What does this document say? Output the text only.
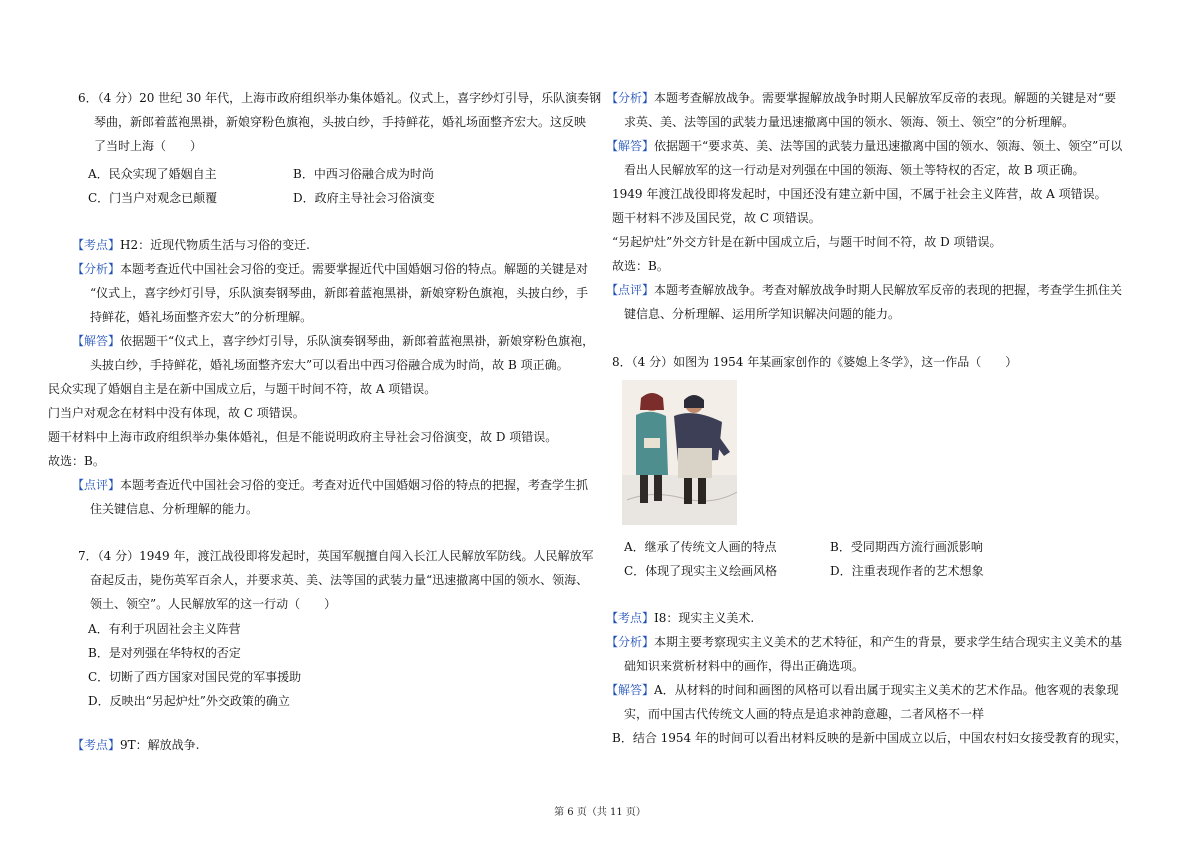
6．（4 分）20 世纪 30 年代，上海市政府组织举办集体婚礼。仪式上，喜字纱灯引导，乐队演奏钢
琴曲，新郎着蓝袍黑褂，新娘穿粉色旗袍，头披白纱，手持鲜花，婚礼场面整齐宏大。这反映
了当时上海（　　）
A．民众实现了婚姻自主	B．中西习俗融合成为时尚
C．门当户对观念已颠覆	D．政府主导社会习俗演变
【考点】H2：近现代物质生活与习俗的变迁.
【分析】本题考查近代中国社会习俗的变迁。需要掌握近代中国婚姻习俗的特点。解题的关键是对
“仪式上，喜字纱灯引导，乐队演奏钢琴曲，新郎着蓝袍黑褂，新娘穿粉色旗袍，头披白纱，手
持鲜花，婚礼场面整齐宏大”的分析理解。
【解答】依据题干“仪式上，喜字纱灯引导，乐队演奏钢琴曲，新郎着蓝袍黑褂，新娘穿粉色旗袍，
头披白纱，手持鲜花，婚礼场面整齐宏大”可以看出中西习俗融合成为时尚，故 B 项正确。
民众实现了婚姻自主是在新中国成立后，与题干时间不符，故 A 项错误。
门当户对观念在材料中没有体现，故 C 项错误。
题干材料中上海市政府组织举办集体婚礼，但是不能说明政府主导社会习俗演变，故 D 项错误。
故选：B。
【点评】本题考查近代中国社会习俗的变迁。考查对近代中国婚姻习俗的特点的把握，考查学生抓
住关键信息、分析理解的能力。
7．（4 分）1949 年，渡江战役即将发起时，英国军舰擅自闯入长江人民解放军防线。人民解放军
奋起反击，毙伤英军百余人，并要求英、美、法等国的武装力量“迅速撤离中国的领水、领海、
领土、领空”。人民解放军的这一行动（　　）
A．有利于巩固社会主义阵营
B．是对列强在华特权的否定
C．切断了西方国家对国民党的军事援助
D．反映出“另起炉灶”外交政策的确立
【考点】9T：解放战争.
【分析】本题考查解放战争。需要掌握解放战争时期人民解放军反帝的表现。解题的关键是对“要
求英、美、法等国的武装力量迅速撤离中国的领水、领海、领土、领空”的分析理解。
【解答】依据题干“要求英、美、法等国的武装力量迅速撤离中国的领水、领海、领土、领空”可以
看出人民解放军的这一行动是对列强在中国的领海、领土等特权的否定，故 B 项正确。
1949 年渡江战役即将发起时，中国还没有建立新中国，不属于社会主义阵营，故 A 项错误。
题干材料不涉及国民党，故 C 项错误。
“另起炉灶”外交方针是在新中国成立后，与题干时间不符，故 D 项错误。
故选：B。
【点评】本题考查解放战争。考查对解放战争时期人民解放军反帝的表现的把握，考查学生抓住关
键信息、分析理解、运用所学知识解决问题的能力。
8．（4 分）如图为 1954 年某画家创作的《婆媳上冬学》，这一作品（　　）
A．继承了传统文人画的特点	B．受同期西方流行画派影响
C．体现了现实主义绘画风格	D．注重表现作者的艺术想象
【考点】I8：现实主义美术.
【分析】本期主要考察现实主义美术的艺术特征，和产生的背景，要求学生结合现实主义美术的基
础知识来赏析材料中的画作，得出正确选项。
【解答】A．从材料的时间和画图的风格可以看出属于现实主义美术的艺术作品。他客观的表象现
实，而中国古代传统文人画的特点是追求神韵意趣，二者风格不一样
B．结合 1954 年的时间可以看出材料反映的是新中国成立以后，中国农村妇女接受教育的现实，
第 6 页（共 11 页）
